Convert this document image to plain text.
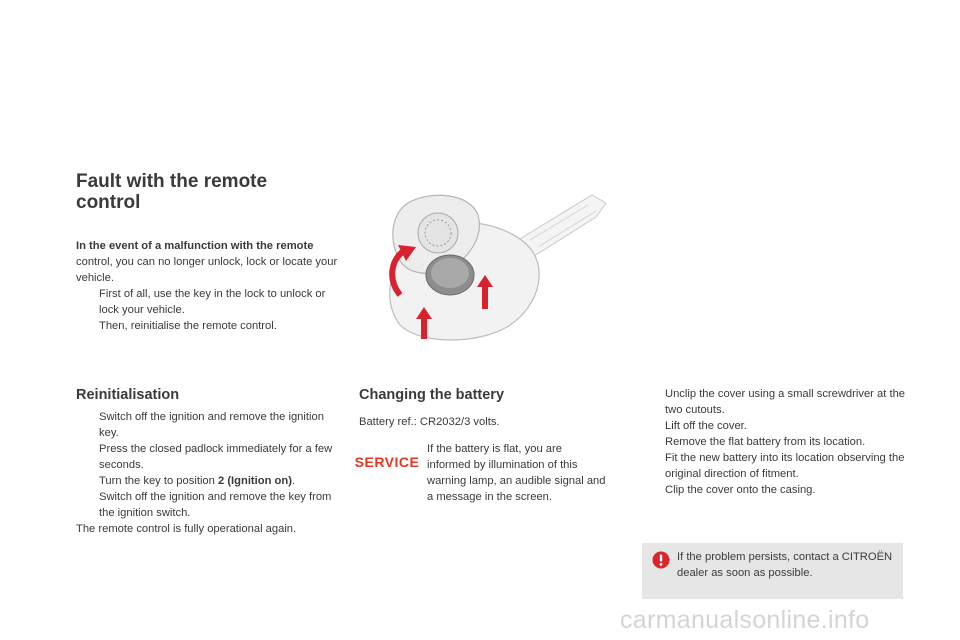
Fault with the remote control
In the event of a malfunction with the remote control, you can no longer unlock, lock or locate your vehicle.
First of all, use the key in the lock to unlock or lock your vehicle.
Then, reinitialise the remote control.
Reinitialisation
Switch off the ignition and remove the ignition key.
Press the closed padlock immediately for a few seconds.
Turn the key to position 2 (Ignition on).
Switch off the ignition and remove the key from the ignition switch.
The remote control is fully operational again.
Changing the battery
Battery ref.: CR2032/3 volts.
SERVICE
If the battery is flat, you are informed by illumination of this warning lamp, an audible signal and a message in the screen.
Unclip the cover using a small screwdriver at the two cutouts.
Lift off the cover.
Remove the flat battery from its location.
Fit the new battery into its location observing the original direction of fitment.
Clip the cover onto the casing.
If the problem persists, contact a CITROËN dealer as soon as possible.
carmanualsonline.info
